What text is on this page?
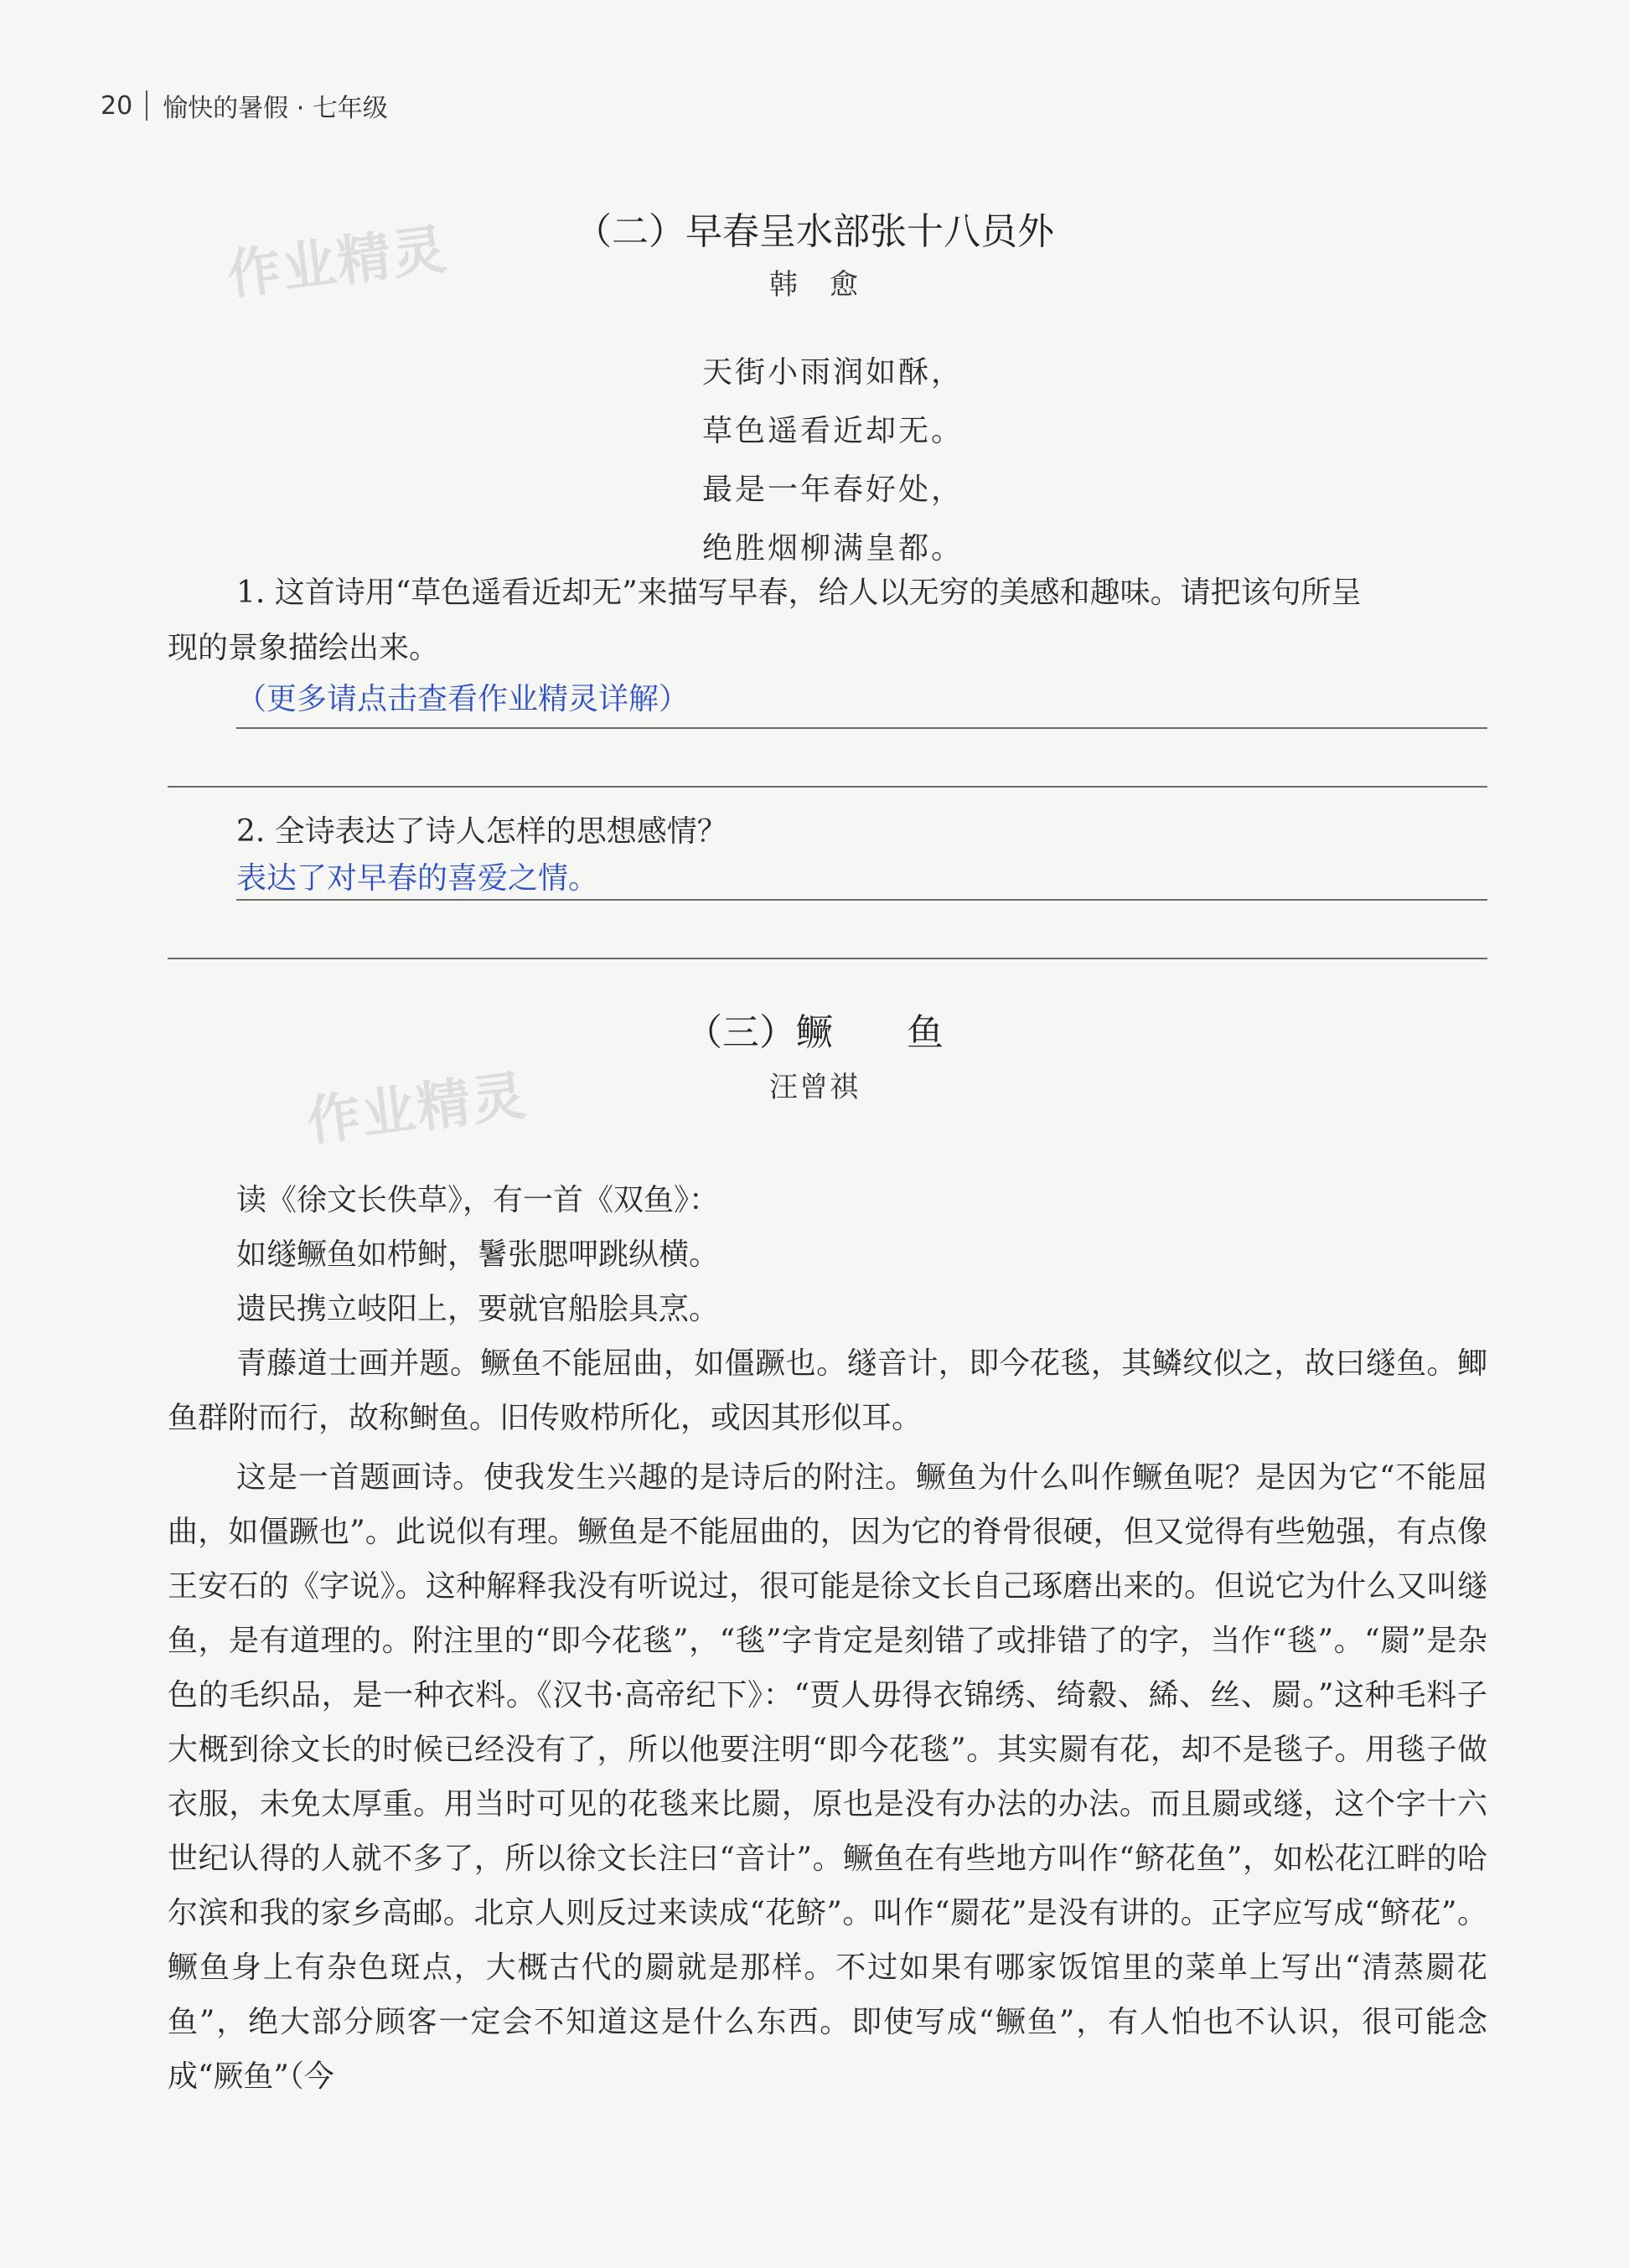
20 愉快的暑假 · 七年级
作业精灵
作业精灵
（二）早春呈水部张十八员外
韩　愈
天街小雨润如酥，
草色遥看近却无。
最是一年春好处，
绝胜烟柳满皇都。
1. 这首诗用“草色遥看近却无”来描写早春，给人以无穷的美感和趣味。请把该句所呈
现的景象描绘出来。
（更多请点击查看作业精灵详解）
2. 全诗表达了诗人怎样的思想感情？
表达了对早春的喜爱之情。
（三）鳜　　鱼
汪曾祺

读《徐文长佚草》，有一首《双鱼》：

如䍁鳜鱼如栉鲥，鬐张腮呷跳纵横。

遗民携立岐阳上，要就官船脍具烹。

青藤道士画并题。鳜鱼不能屈曲，如僵蹶也。䍁音计，即今花毯，其鳞纹似之，故曰䍁鱼。鲫鱼群附而行，故称鲥鱼。旧传败栉所化，或因其形似耳。

这是一首题画诗。使我发生兴趣的是诗后的附注。鳜鱼为什么叫作鳜鱼呢？是因为它“不能屈曲，如僵蹶也”。此说似有理。鳜鱼是不能屈曲的，因为它的脊骨很硬，但又觉得有些勉强，有点像王安石的《字说》。这种解释我没有听说过，很可能是徐文长自己琢磨出来的。但说它为什么又叫䍁鱼，是有道理的。附注里的“即今花毯”，“毯”字肯定是刻错了或排错了的字，当作“毯”。“罽”是杂色的毛织品，是一种衣料。《汉书·高帝纪下》：“贾人毋得衣锦绣、绮縠、絺、丝、罽。”这种毛料子大概到徐文长的时候已经没有了，所以他要注明“即今花毯”。其实罽有花，却不是毯子。用毯子做衣服，未免太厚重。用当时可见的花毯来比罽，原也是没有办法的办法。而且罽或䍁，这个字十六世纪认得的人就不多了，所以徐文长注曰“音计”。鳜鱼在有些地方叫作“鲚花鱼”，如松花江畔的哈尔滨和我的家乡高邮。北京人则反过来读成“花鲚”。叫作“罽花”是没有讲的。正字应写成“鲚花”。鳜鱼身上有杂色斑点，大概古代的罽就是那样。不过如果有哪家饭馆里的菜单上写出“清蒸罽花鱼”，绝大部分顾客一定会不知道这是什么东西。即使写成“鳜鱼”，有人怕也不认识，很可能念成“厥鱼”（今
